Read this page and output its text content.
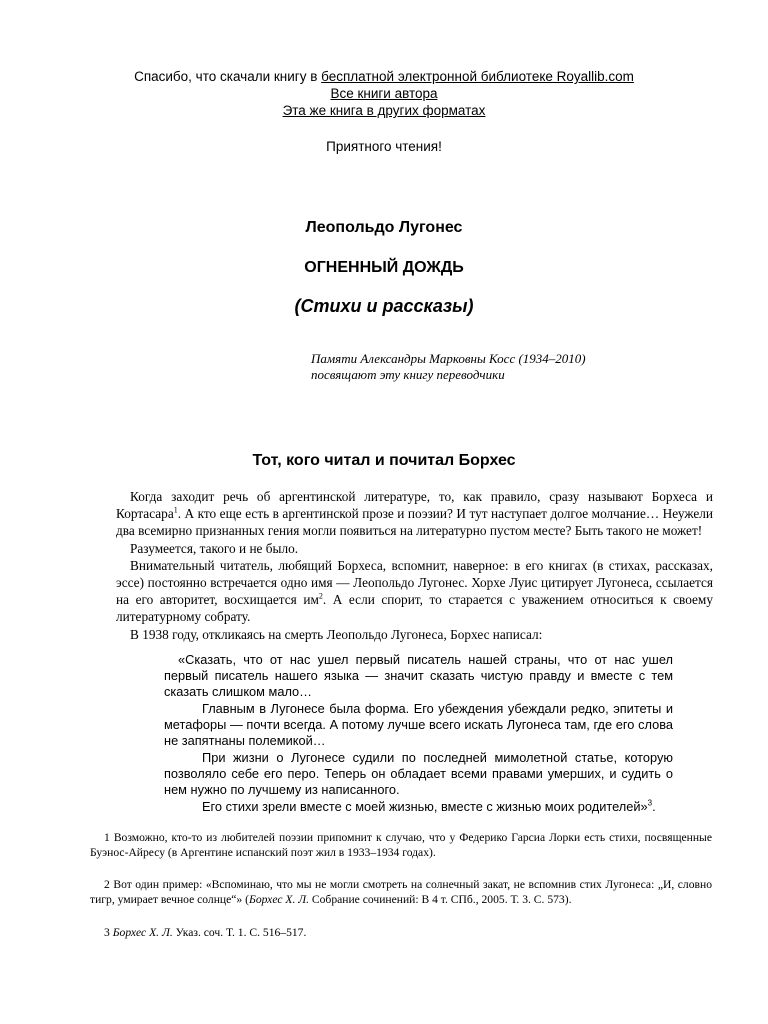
Спасибо, что скачали книгу в бесплатной электронной библиотеке Royallib.com

Все книги автора

Эта же книга в других форматах

Приятного чтения!

Леопольдо Лугонес

ОГНЕННЫЙ ДОЖДЬ

(Стихи и рассказы)

Памяти Александры Марковны Косс (1934–2010)
посвящают эту книгу переводчики
Тот, кого читал и почитал Борхес

Когда заходит речь об аргентинской литературе, то, как правило, сразу называют Борхеса и Кортасара$^1$. А кто еще есть в аргентинской прозе и поэзии? И тут наступает долгое молчание… Неужели два всемирно признанных гения могли появиться на литературно пустом месте? Быть такого не может!

Разумеется, такого и не было.

Внимательный читатель, любящий Борхеса, вспомнит, наверное: в его книгах (в стихах, рассказах, эссе) постоянно встречается одно имя — Леопольдо Лугонес. Хорхе Луис цитирует Лугонеса, ссылается на его авторитет, восхищается $им^2$. А если спорит, то старается с уважением относиться к своему литературному собрату.

В 1938 году, откликаясь на смерть Леопольдо Лугонеса, Борхес написал:

«Сказать, что от нас ушел первый писатель нашей страны, что от нас ушел первый писатель нашего языка — значит сказать чистую правду и вместе с тем сказать слишком мало…

Главным в Лугонесе была форма. Его убеждения убеждали редко, эпитеты и метафоры — почти всегда. А потому лучше всего искать Лугонеса там, где его слова не запятнаны полемикой…

При жизни о Лугонесе судили по последней мимолетной статье, которую позволяло себе его перо. Теперь он обладает всеми правами умерших, и судить о нем нужно по лучшему из написанного.

Его стихи зрели вместе с моей жизнью, вместе с жизнью моих родителей»$^3$.

1 Возможно, кто-то из любителей поэзии припомнит к случаю, что у Федерико Гарсиа Лорки есть стихи, посвященные Буэнос-Айресу (в Аргентине испанский поэт жил в 1933–1934 годах).

2 Вот один пример: «Вспоминаю, что мы не могли смотреть на солнечный закат, не вспомнив стих Лугонеса: „И, словно тигр, умирает вечное солнце“» (Борхес Х. Л. Собрание сочинений: В 4 т. СПб., 2005. Т. 3. С. 573).

3 Борхес Х. Л. Указ. соч. Т. 1. С. 516–517.
